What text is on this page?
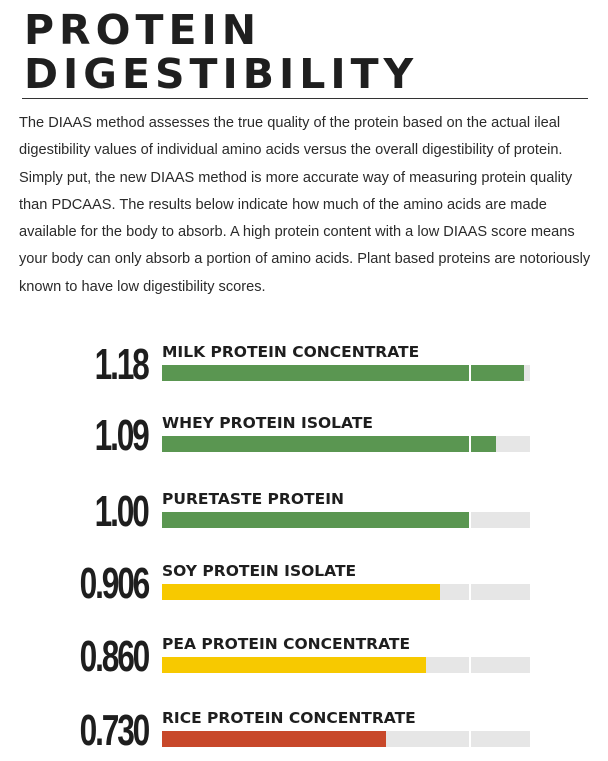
PROTEIN
DIGESTIBILITY

The DIAAS method assesses the true quality of the protein based on the actual ileal digestibility values of individual amino acids versus the overall digestibility of protein. Simply put, the new DIAAS method is more accurate way of measuring protein quality than PDCAAS. The results below indicate how much of the amino acids are made available for the body to absorb. A high protein content with a low DIAAS score means your body can only absorb a portion of amino acids. Plant based proteins are notoriously known to have low digestibility scores.

1.18 MILK PROTEIN CONCENTRATE
1.09 WHEY PROTEIN ISOLATE
1.00 PURETASTE PROTEIN
0.906 SOY PROTEIN ISOLATE
0.860 PEA PROTEIN CONCENTRATE
0.730 RICE PROTEIN CONCENTRATE
